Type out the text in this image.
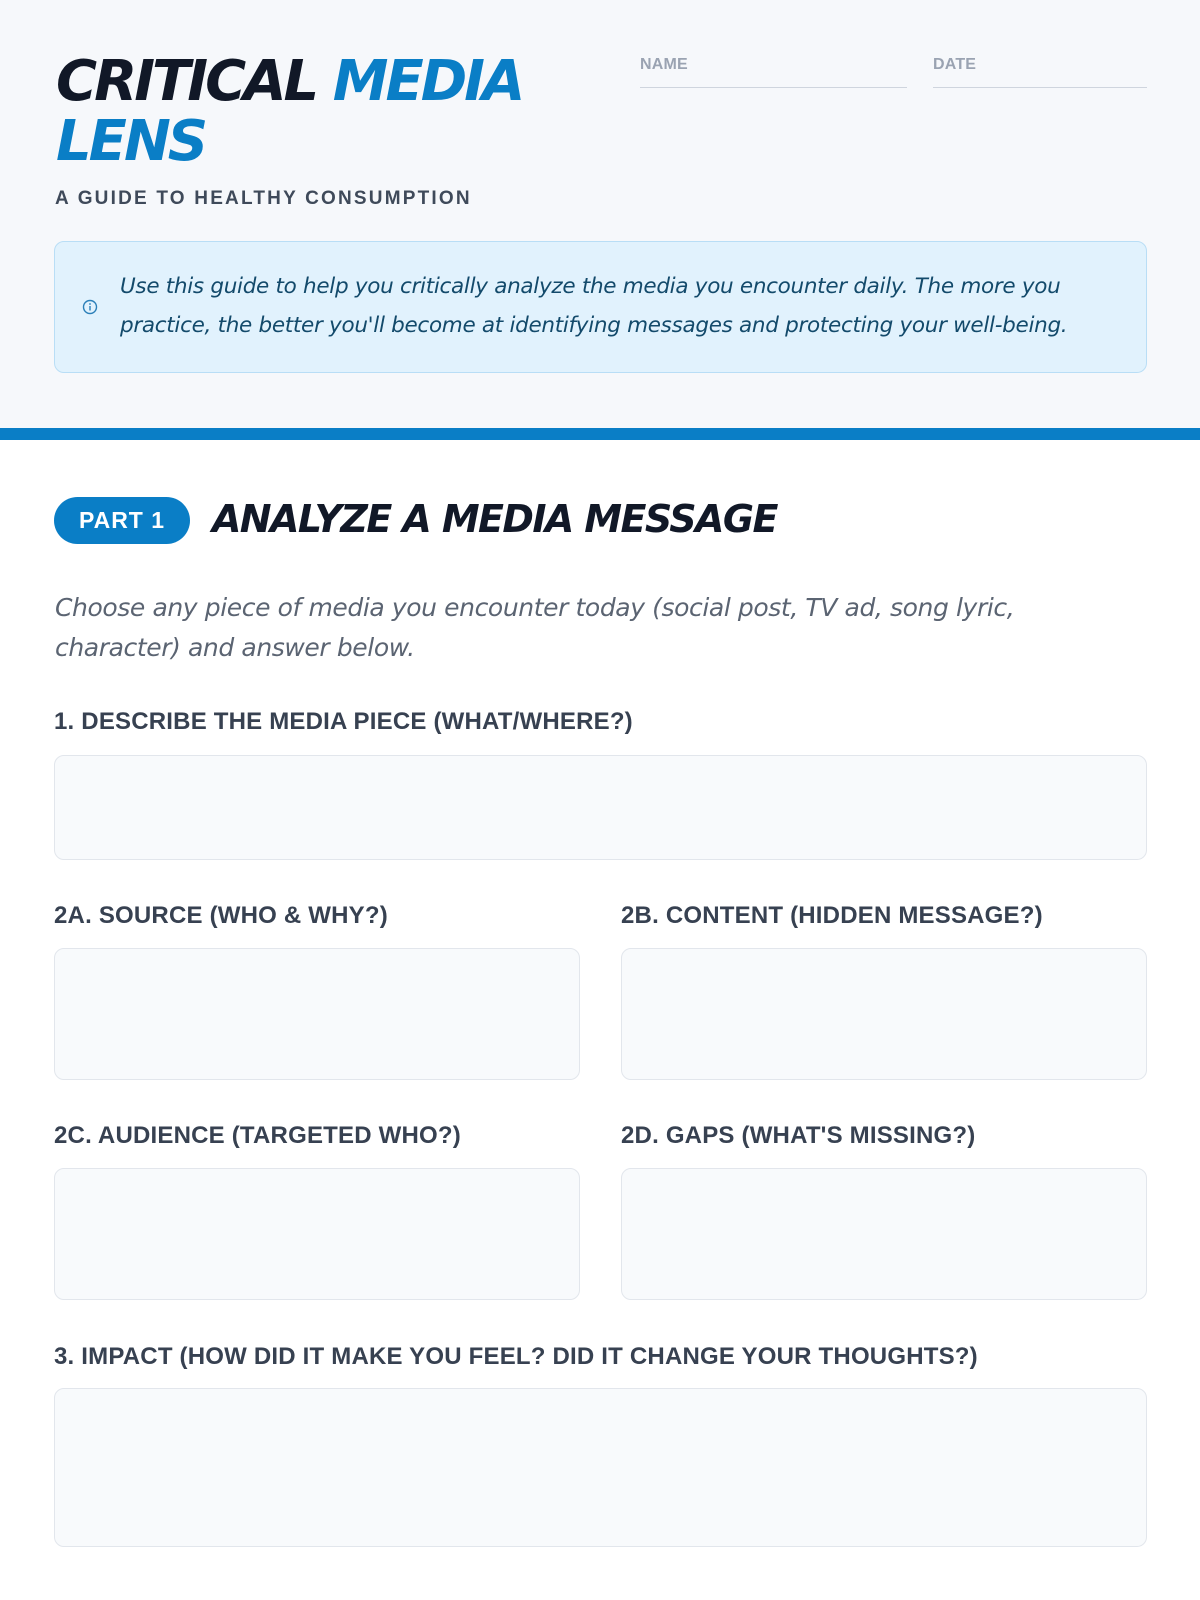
CRITICAL MEDIA
LENS
A GUIDE TO HEALTHY CONSUMPTION
NAME	DATE
Use this guide to help you critically analyze the media you encounter daily. The more you practice, the better you'll become at identifying messages and protecting your well-being.
PART 1	ANALYZE A MEDIA MESSAGE
Choose any piece of media you encounter today (social post, TV ad, song lyric, character) and answer below.
1. DESCRIBE THE MEDIA PIECE (WHAT/WHERE?)
2A. SOURCE (WHO & WHY?)	2B. CONTENT (HIDDEN MESSAGE?)
2C. AUDIENCE (TARGETED WHO?)	2D. GAPS (WHAT'S MISSING?)
3. IMPACT (HOW DID IT MAKE YOU FEEL? DID IT CHANGE YOUR THOUGHTS?)
